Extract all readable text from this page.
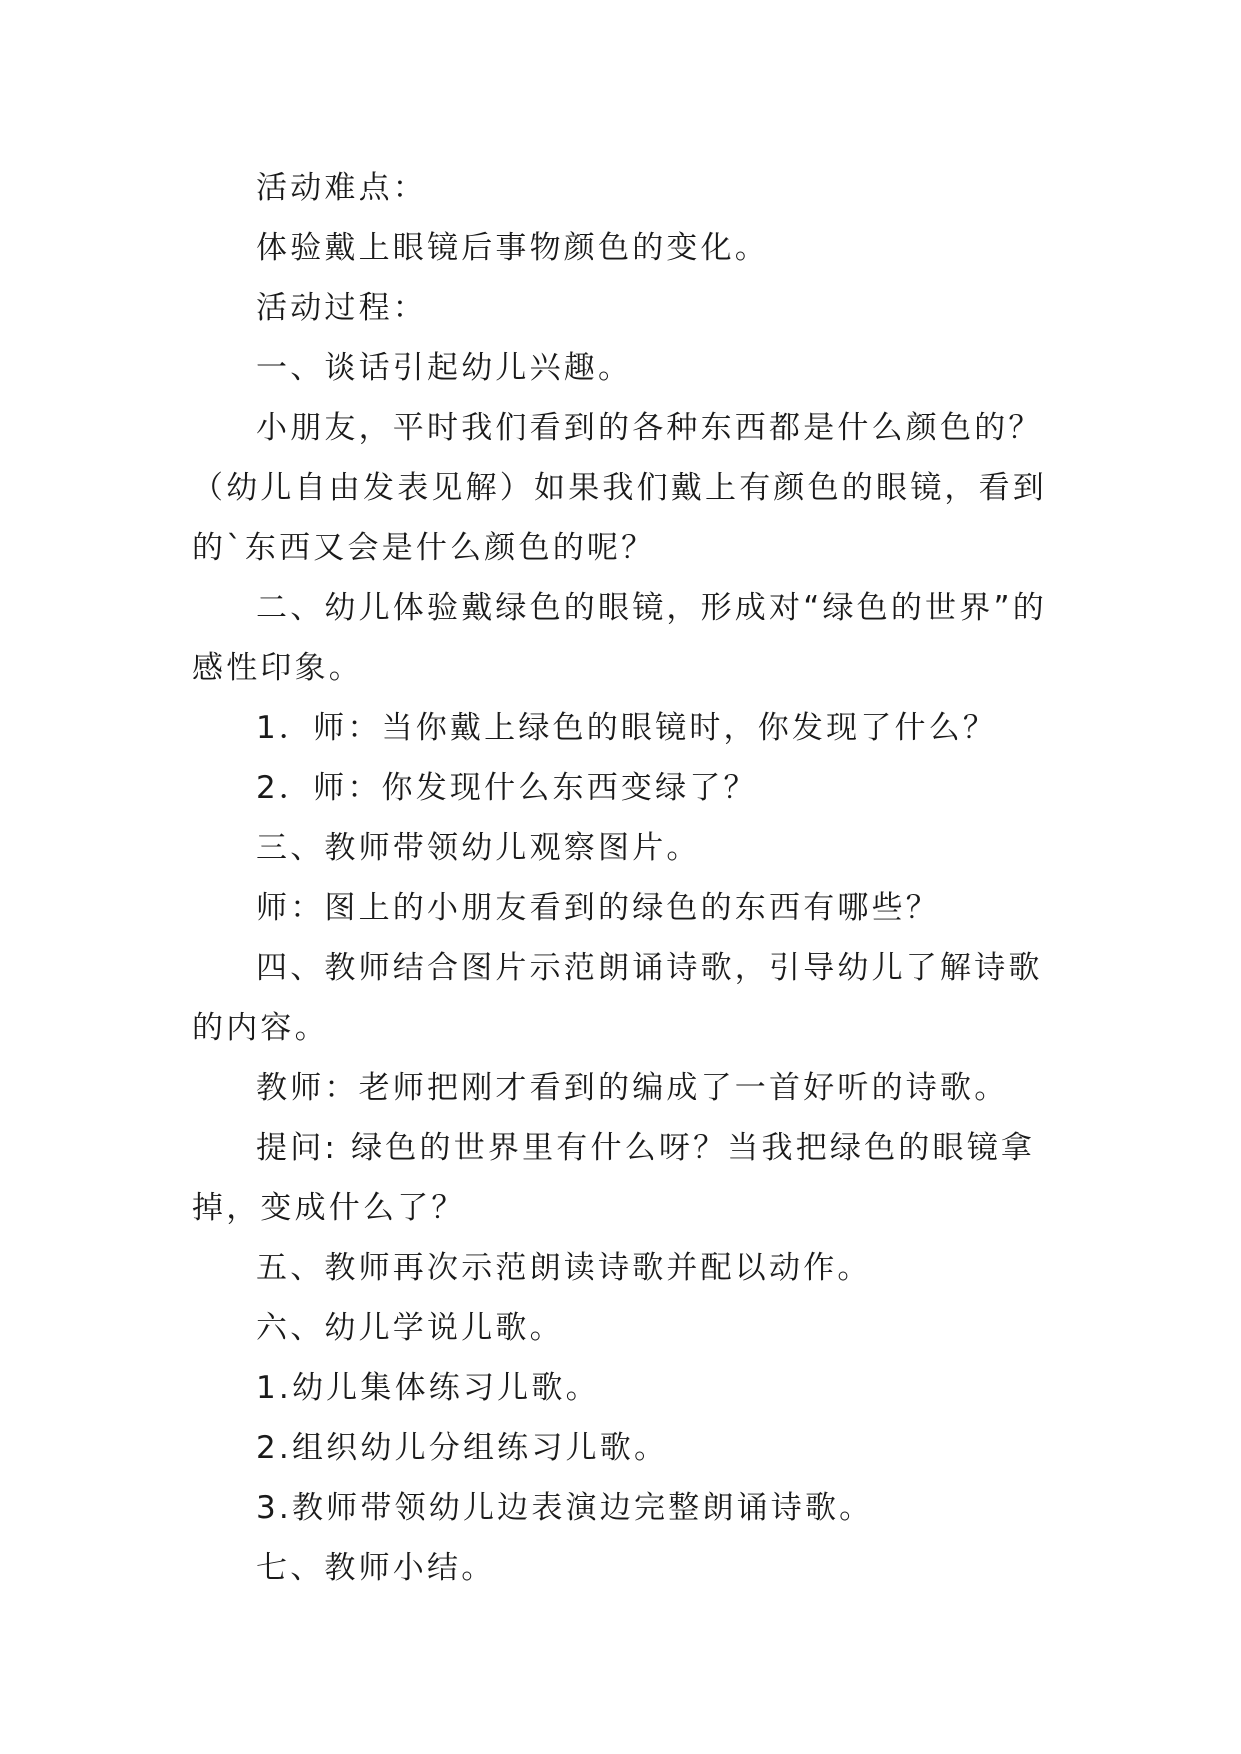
活动难点：

体验戴上眼镜后事物颜色的变化。

活动过程：

一、谈话引起幼儿兴趣。

小朋友，平时我们看到的各种东西都是什么颜色的？（幼儿自由发表见解）如果我们戴上有颜色的眼镜，看到的`东西又会是什么颜色的呢？

二、幼儿体验戴绿色的眼镜，形成对“绿色的世界”的感性印象。

1．师：当你戴上绿色的眼镜时，你发现了什么？

2．师：你发现什么东西变绿了？

三、教师带领幼儿观察图片。

师：图上的小朋友看到的绿色的东西有哪些？

四、教师结合图片示范朗诵诗歌，引导幼儿了解诗歌的内容。

教师：老师把刚才看到的编成了一首好听的诗歌。

提问: 绿色的世界里有什么呀？当我把绿色的眼镜拿掉，变成什么了？

五、教师再次示范朗读诗歌并配以动作。

六、幼儿学说儿歌。

1.幼儿集体练习儿歌。

2.组织幼儿分组练习儿歌。

3.教师带领幼儿边表演边完整朗诵诗歌。

七、教师小结。
